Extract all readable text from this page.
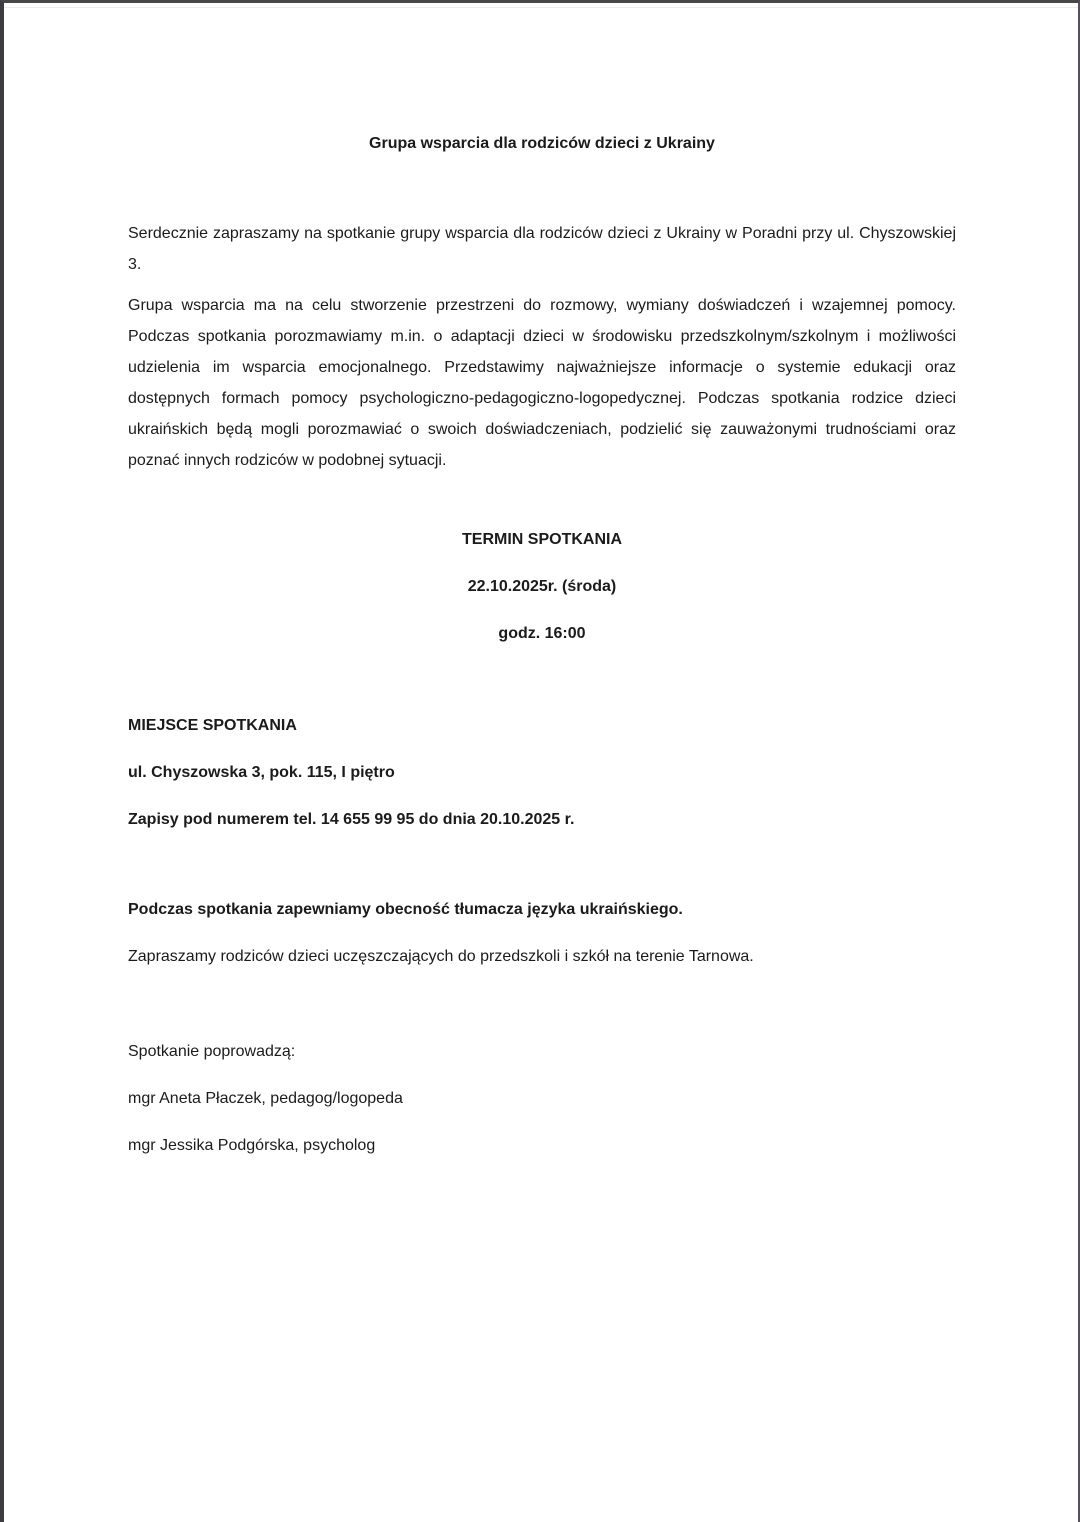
Grupa wsparcia dla rodziców dzieci z Ukrainy

Serdecznie zapraszamy na spotkanie grupy wsparcia dla rodziców dzieci z Ukrainy w Poradni przy ul. Chyszowskiej 3.

Grupa wsparcia ma na celu stworzenie przestrzeni do rozmowy, wymiany doświadczeń i wzajemnej pomocy. Podczas spotkania porozmawiamy m.in. o adaptacji dzieci w środowisku przedszkolnym/szkolnym i możliwości udzielenia im wsparcia emocjonalnego. Przedstawimy najważniejsze informacje o systemie edukacji oraz dostępnych formach pomocy psychologiczno-pedagogiczno-logopedycznej. Podczas spotkania rodzice dzieci ukraińskich będą mogli porozmawiać o swoich doświadczeniach, podzielić się zauważonymi trudnościami oraz poznać innych rodziców w podobnej sytuacji.

TERMIN SPOTKANIA

22.10.2025r. (środa)

godz. 16:00

MIEJSCE SPOTKANIA

ul. Chyszowska 3, pok. 115, I piętro

Zapisy pod numerem tel. 14 655 99 95 do dnia 20.10.2025 r.

Podczas spotkania zapewniamy obecność tłumacza języka ukraińskiego.

Zapraszamy rodziców dzieci uczęszczających do przedszkoli i szkół na terenie Tarnowa.

Spotkanie poprowadzą:

mgr Aneta Płaczek, pedagog/logopeda

mgr Jessika Podgórska, psycholog
